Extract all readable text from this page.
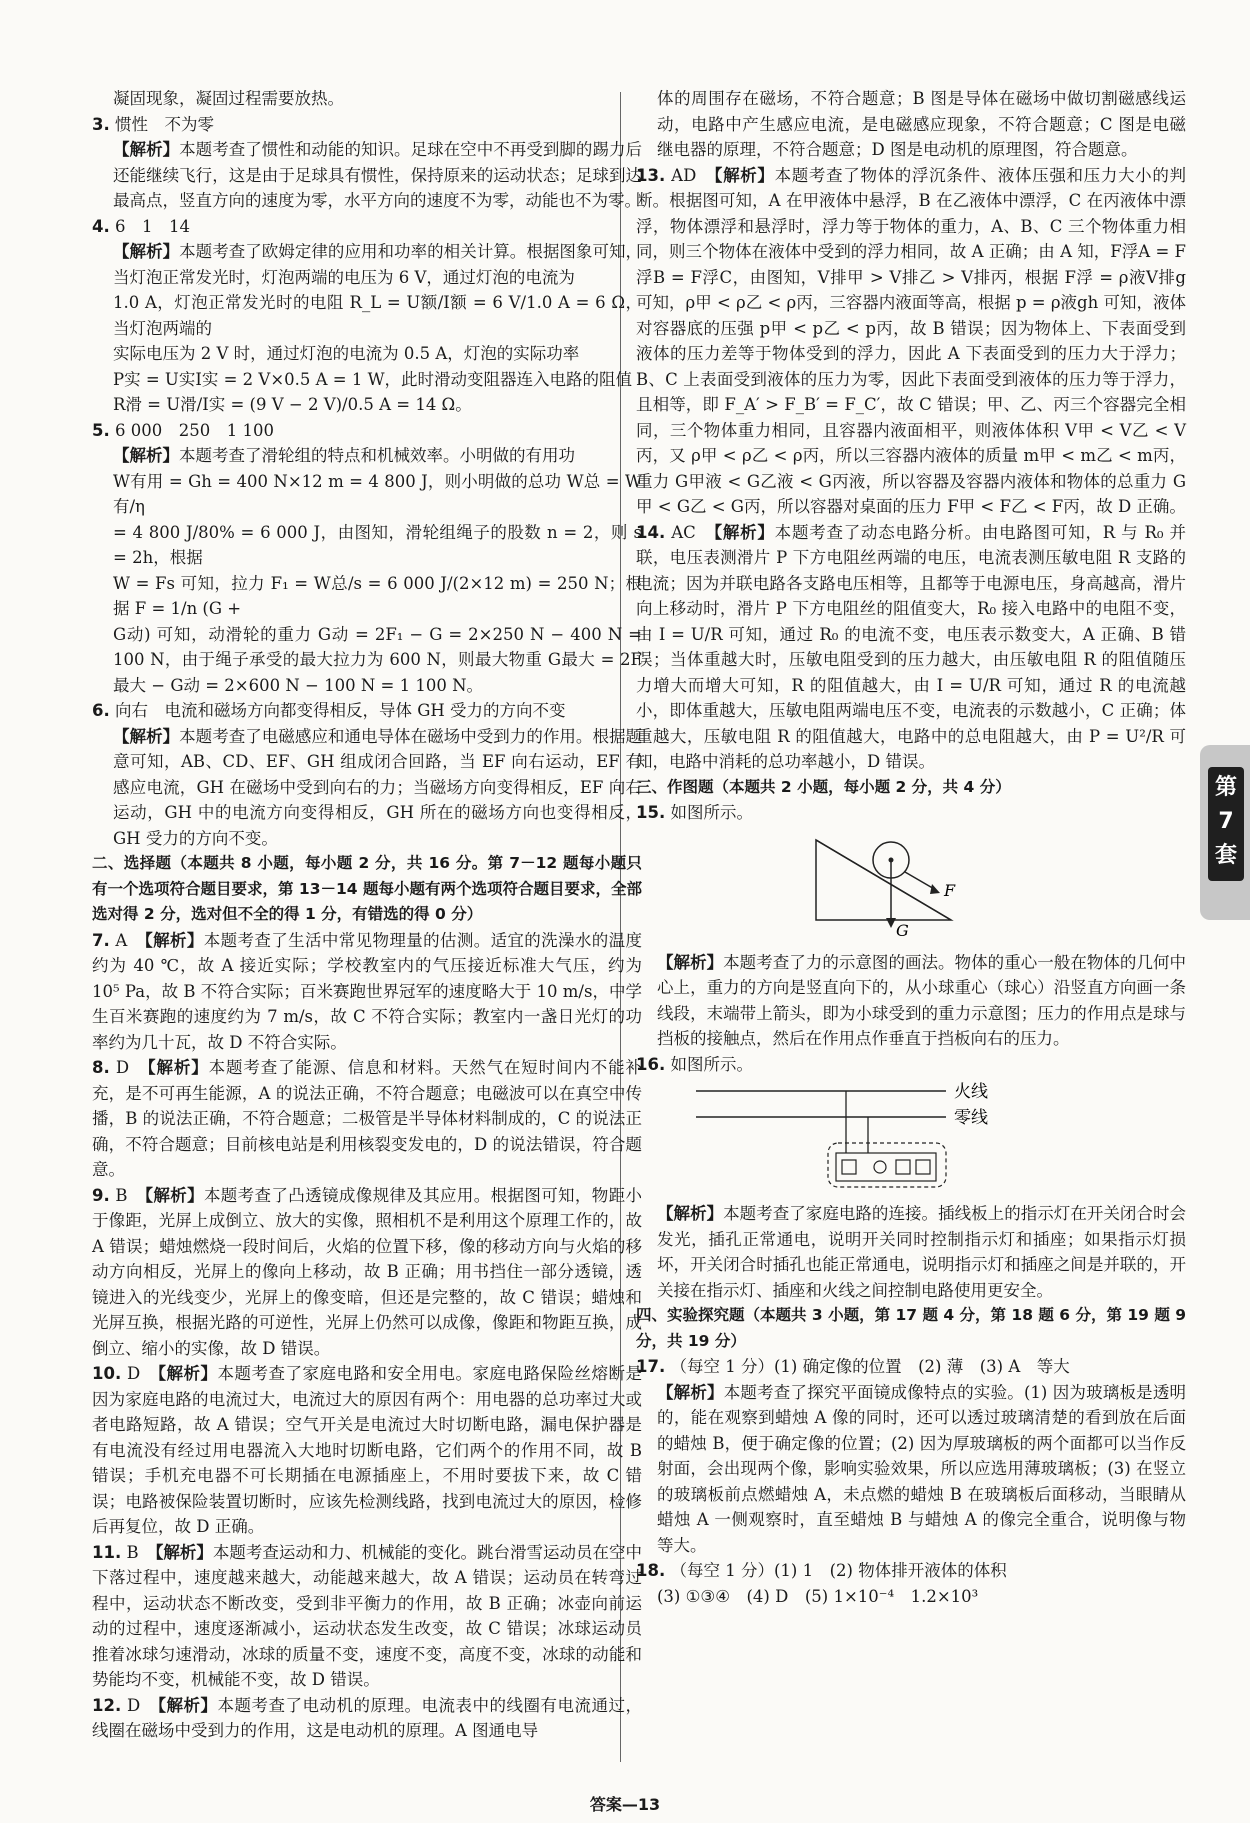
凝固现象，凝固过程需要放热。

3. 惯性　不为零

【解析】本题考查了惯性和动能的知识。足球在空中不再受到脚的踢力后还能继续飞行，这是由于足球具有惯性，保持原来的运动状态；足球到达最高点，竖直方向的速度为零，水平方向的速度不为零，动能也不为零。

4. 6　1　14

【解析】本题考查了欧姆定律的应用和功率的相关计算。根据图象可知，当灯泡正常发光时，灯泡两端的电压为 6 V，通过灯泡的电流为

1.0 A，灯泡正常发光时的电阻 R_L = U额/I额 = 6 V/1.0 A = 6 Ω，当灯泡两端的

实际电压为 2 V 时，通过灯泡的电流为 0.5 A，灯泡的实际功率

P实 = U实I实 = 2 V×0.5 A = 1 W，此时滑动变阻器连入电路的阻值

R滑 = U滑/I实 = (9 V − 2 V)/0.5 A = 14 Ω。

5. 6 000　250　1 100

【解析】本题考查了滑轮组的特点和机械效率。小明做的有用功

W有用 = Gh = 400 N×12 m = 4 800 J，则小明做的总功 W总 = W有/η

= 4 800 J/80% = 6 000 J，由图知，滑轮组绳子的股数 n = 2，则 s = 2h，根据

W = Fs 可知，拉力 F₁ = W总/s = 6 000 J/(2×12 m) = 250 N；根据 F = 1/n (G +

G动) 可知，动滑轮的重力 G动 = 2F₁ − G = 2×250 N − 400 N = 100 N，由于绳子承受的最大拉力为 600 N，则最大物重 G最大 = 2F最大 − G动 = 2×600 N − 100 N = 1 100 N。

6. 向右　电流和磁场方向都变得相反，导体 GH 受力的方向不变

【解析】本题考查了电磁感应和通电导体在磁场中受到力的作用。根据题意可知，AB、CD、EF、GH 组成闭合回路，当 EF 向右运动，EF 有感应电流，GH 在磁场中受到向右的力；当磁场方向变得相反，EF 向右运动，GH 中的电流方向变得相反，GH 所在的磁场方向也变得相反，GH 受力的方向不变。

二、选择题（本题共 8 小题，每小题 2 分，共 16 分。第 7－12 题每小题只有一个选项符合题目要求，第 13－14 题每小题有两个选项符合题目要求，全部选对得 2 分，选对但不全的得 1 分，有错选的得 0 分）

7. A　 【解析】本题考查了生活中常见物理量的估测。适宜的洗澡水的温度约为 40 ℃，故 A 接近实际；学校教室内的气压接近标准大气压，约为 10⁵ Pa，故 B 不符合实际；百米赛跑世界冠军的速度略大于 10 m/s，中学生百米赛跑的速度约为 7 m/s，故 C 不符合实际；教室内一盏日光灯的功率约为几十瓦，故 D 不符合实际。

8. D　 【解析】本题考查了能源、信息和材料。天然气在短时间内不能补充，是不可再生能源，A 的说法正确，不符合题意；电磁波可以在真空中传播，B 的说法正确，不符合题意；二极管是半导体材料制成的，C 的说法正确，不符合题意；目前核电站是利用核裂变发电的，D 的说法错误，符合题意。

9. B　 【解析】本题考查了凸透镜成像规律及其应用。根据图可知，物距小于像距，光屏上成倒立、放大的实像，照相机不是利用这个原理工作的，故 A 错误；蜡烛燃烧一段时间后，火焰的位置下移，像的移动方向与火焰的移动方向相反，光屏上的像向上移动，故 B 正确；用书挡住一部分透镜，透镜进入的光线变少，光屏上的像变暗，但还是完整的，故 C 错误；蜡烛和光屏互换，根据光路的可逆性，光屏上仍然可以成像，像距和物距互换，成倒立、缩小的实像，故 D 错误。

10. D　 【解析】本题考查了家庭电路和安全用电。家庭电路保险丝熔断是因为家庭电路的电流过大，电流过大的原因有两个：用电器的总功率过大或者电路短路，故 A 错误；空气开关是电流过大时切断电路，漏电保护器是有电流没有经过用电器流入大地时切断电路，它们两个的作用不同，故 B 错误；手机充电器不可长期插在电源插座上，不用时要拔下来，故 C 错误；电路被保险装置切断时，应该先检测线路，找到电流过大的原因，检修后再复位，故 D 正确。

11. B　 【解析】本题考查运动和力、机械能的变化。跳台滑雪运动员在空中下落过程中，速度越来越大，动能越来越大，故 A 错误；运动员在转弯过程中，运动状态不断改变，受到非平衡力的作用，故 B 正确；冰壶向前运动的过程中，速度逐渐减小，运动状态发生改变，故 C 错误；冰球运动员推着冰球匀速滑动，冰球的质量不变，速度不变，高度不变，冰球的动能和势能均不变，机械能不变，故 D 错误。

12. D　 【解析】本题考查了电动机的原理。电流表中的线圈有电流通过，线圈在磁场中受到力的作用，这是电动机的原理。A 图通电导

体的周围存在磁场，不符合题意；B 图是导体在磁场中做切割磁感线运动，电路中产生感应电流，是电磁感应现象，不符合题意；C 图是电磁继电器的原理，不符合题意；D 图是电动机的原理图，符合题意。

13. AD　 【解析】本题考查了物体的浮沉条件、液体压强和压力大小的判断。根据图可知，A 在甲液体中悬浮，B 在乙液体中漂浮，C 在丙液体中漂浮，物体漂浮和悬浮时，浮力等于物体的重力，A、B、C 三个物体重力相同，则三个物体在液体中受到的浮力相同，故 A 正确；由 A 知，F浮A = F浮B = F浮C，由图知，V排甲 > V排乙 > V排丙，根据 F浮 = ρ液V排g 可知，ρ甲 < ρ乙 < ρ丙，三容器内液面等高，根据 p = ρ液gh 可知，液体对容器底的压强 p甲 < p乙 < p丙，故 B 错误；因为物体上、下表面受到液体的压力差等于物体受到的浮力，因此 A 下表面受到的压力大于浮力；B、C 上表面受到液体的压力为零，因此下表面受到液体的压力等于浮力，且相等，即 F_A′ > F_B′ = F_C′，故 C 错误；甲、乙、丙三个容器完全相同，三个物体重力相同，且容器内液面相平，则液体体积 V甲 < V乙 < V丙，又 ρ甲 < ρ乙 < ρ丙，所以三容器内液体的质量 m甲 < m乙 < m丙，重力 G甲液 < G乙液 < G丙液，所以容器及容器内液体和物体的总重力 G甲 < G乙 < G丙，所以容器对桌面的压力 F甲 < F乙 < F丙，故 D 正确。

14. AC　 【解析】本题考查了动态电路分析。由电路图可知，R 与 R₀ 并联，电压表测滑片 P 下方电阻丝两端的电压，电流表测压敏电阻 R 支路的电流；因为并联电路各支路电压相等，且都等于电源电压，身高越高，滑片向上移动时，滑片 P 下方电阻丝的阻值变大，R₀ 接入电路中的电阻不变，由 I = U/R 可知，通过 R₀ 的电流不变，电压表示数变大，A 正确、B 错误；当体重越大时，压敏电阻受到的压力越大，由压敏电阻 R 的阻值随压力增大而增大可知，R 的阻值越大，由 I = U/R 可知，通过 R 的电流越小，即体重越大，压敏电阻两端电压不变，电流表的示数越小，C 正确；体重越大，压敏电阻 R 的阻值越大，电路中的总电阻越大，由 P = U²/R 可知，电路中消耗的总功率越小，D 错误。

三、作图题（本题共 2 小题，每小题 2 分，共 4 分）

15. 如图所示。

F
G

【解析】本题考查了力的示意图的画法。物体的重心一般在物体的几何中心上，重力的方向是竖直向下的，从小球重心（球心）沿竖直方向画一条线段，末端带上箭头，即为小球受到的重力示意图；压力的作用点是球与挡板的接触点，然后在作用点作垂直于挡板向右的压力。

16. 如图所示。

火线
零线

【解析】本题考查了家庭电路的连接。插线板上的指示灯在开关闭合时会发光，插孔正常通电，说明开关同时控制指示灯和插座；如果指示灯损坏，开关闭合时插孔也能正常通电，说明指示灯和插座之间是并联的，开关接在指示灯、插座和火线之间控制电路使用更安全。

四、实验探究题（本题共 3 小题，第 17 题 4 分，第 18 题 6 分，第 19 题 9 分，共 19 分）

17. （每空 1 分）(1) 确定像的位置　(2) 薄　(3) A　等大

【解析】本题考查了探究平面镜成像特点的实验。(1) 因为玻璃板是透明的，能在观察到蜡烛 A 像的同时，还可以透过玻璃清楚的看到放在后面的蜡烛 B，便于确定像的位置；(2) 因为厚玻璃板的两个面都可以当作反射面，会出现两个像，影响实验效果，所以应选用薄玻璃板；(3) 在竖立的玻璃板前点燃蜡烛 A，未点燃的蜡烛 B 在玻璃板后面移动，当眼睛从蜡烛 A 一侧观察时，直至蜡烛 B 与蜡烛 A 的像完全重合，说明像与物等大。

18. （每空 1 分）(1) 1　(2) 物体排开液体的体积

(3) ①③④　(4) D　(5) 1×10⁻⁴　1.2×10³

第7套
答案—13
